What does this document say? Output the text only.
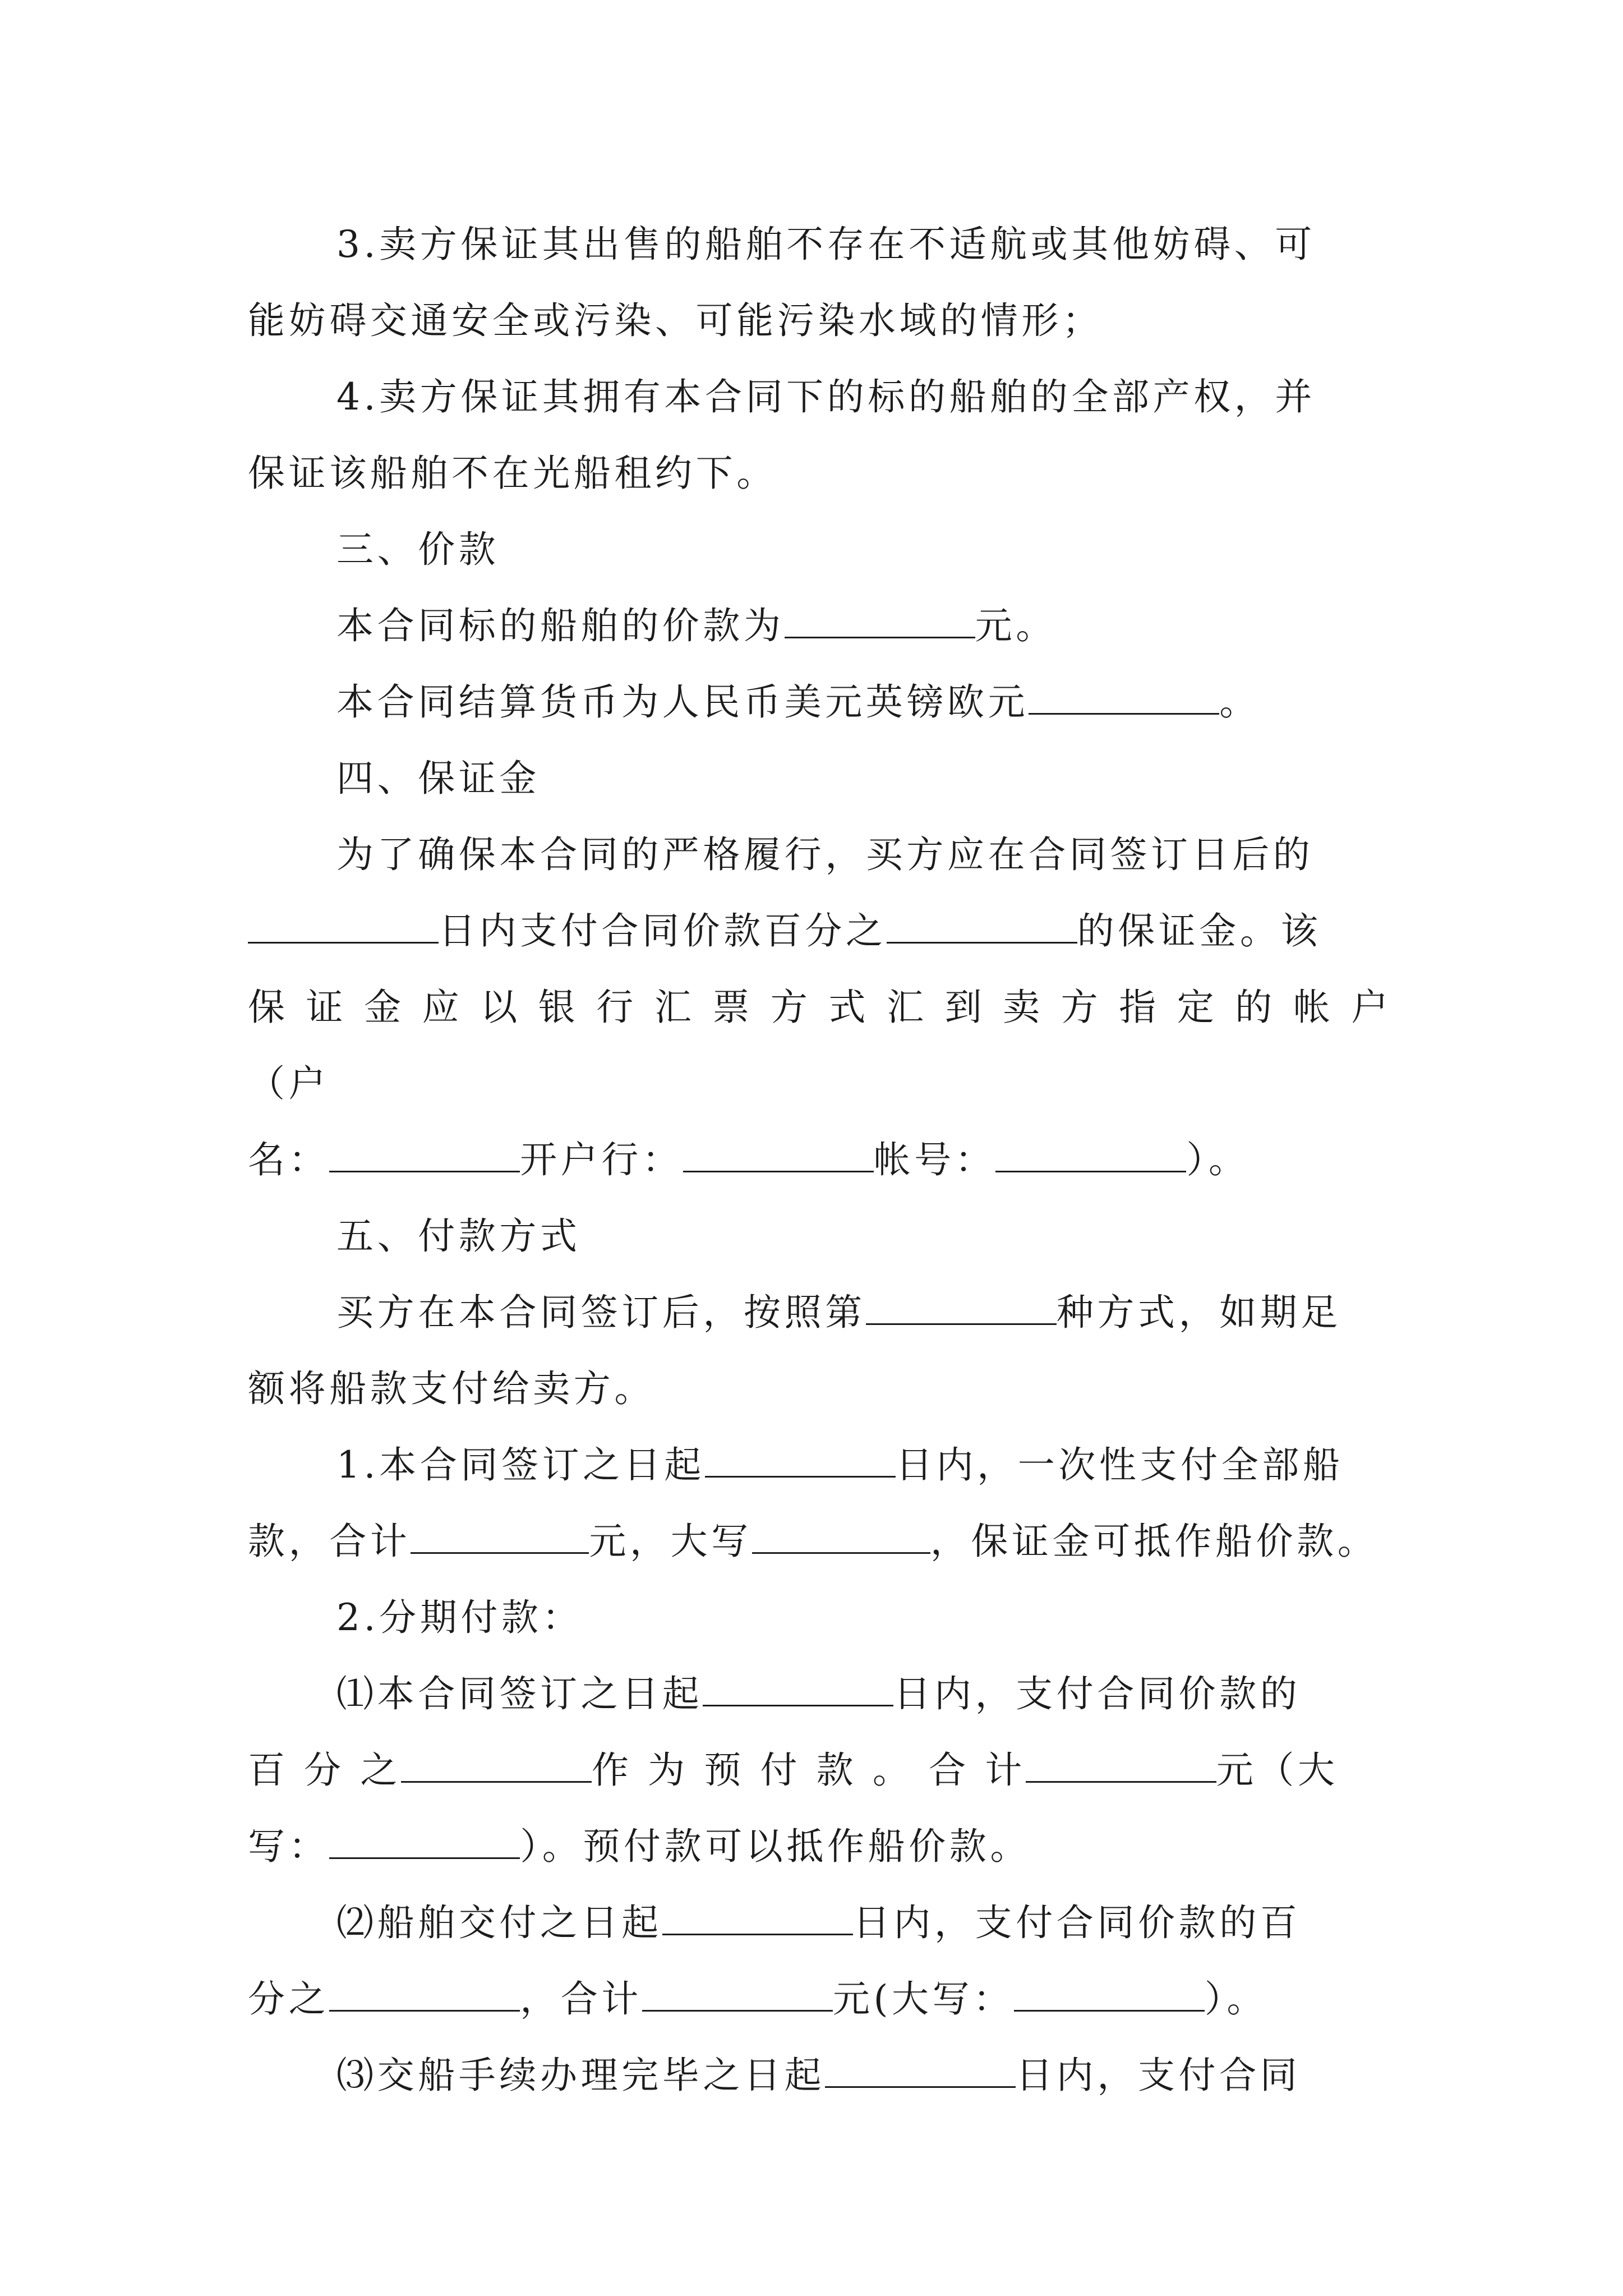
3.卖方保证其出售的船舶不存在不适航或其他妨碍、可
能妨碍交通安全或污染、可能污染水域的情形；

4.卖方保证其拥有本合同下的标的船舶的全部产权，并
保证该船舶不在光船租约下。

三、价款

本合同标的船舶的价款为	元。

本合同结算货币为人民币美元英镑欧元	。

四、保证金

为了确保本合同的严格履行，买方应在合同签订日后的
日内支付合同价款百分之	的保证金。该
保 证 金 应 以 银 行 汇 票 方 式 汇 到 卖 方 指 定 的 帐 户（户
名：	开户行：	帐号：	）。

五、付款方式

买方在本合同签订后，按照第	种方式，如期足
额将船款支付给卖方。

1.本合同签订之日起	日内，一次性支付全部船
款，合计	元，大写	，保证金可抵作船价款。

2.分期付款：

⑴本合同签订之日起	日内，支付合同价款的
百 分 之	作 为 预 付 款 。 合 计	元（大
写：	）。预付款可以抵作船价款。

⑵船舶交付之日起	日内，支付合同价款的百
分之	，合计	元(大写：	）。

⑶交船手续办理完毕之日起	日内，支付合同
